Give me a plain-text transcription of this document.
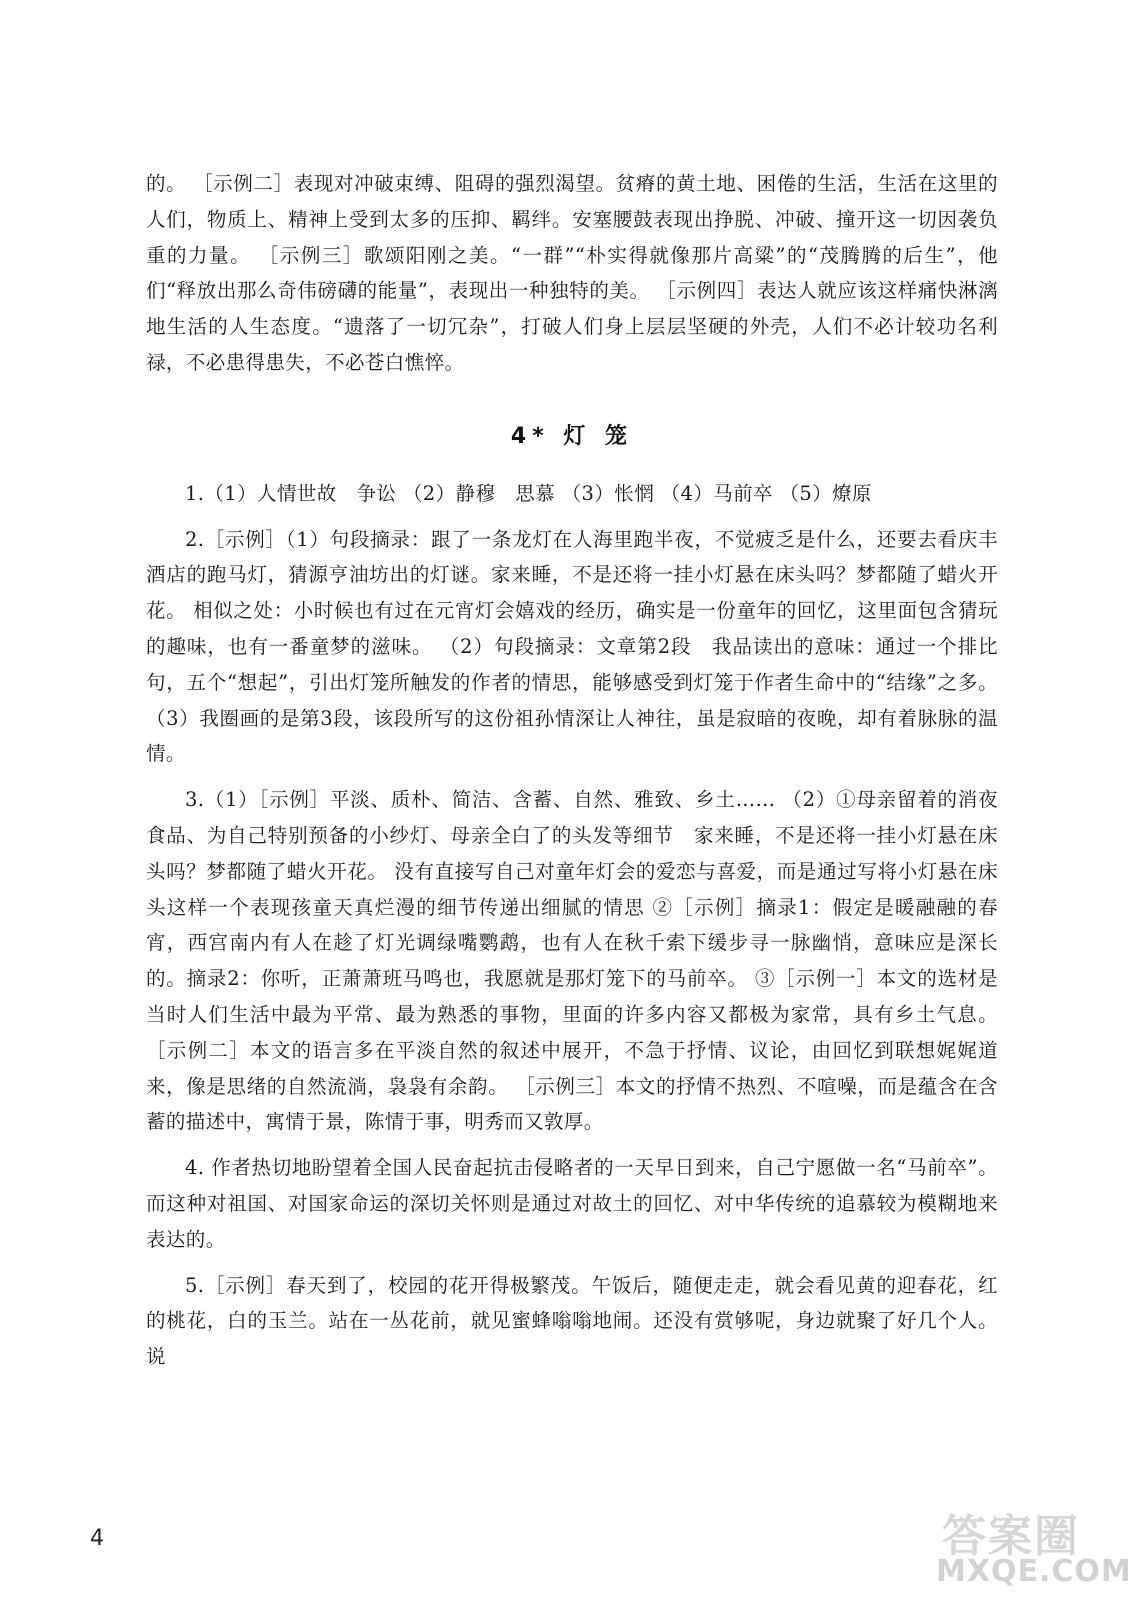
的。 ［示例二］表现对冲破束缚、阻碍的强烈渴望。贫瘠的黄土地、困倦的生活，生活在这里的人们，物质上、精神上受到太多的压抑、羁绊。安塞腰鼓表现出挣脱、冲破、撞开这一切因袭负重的力量。 ［示例三］歌颂阳刚之美。“一群”“朴实得就像那片高粱”的“茂腾腾的后生”，他们“释放出那么奇伟磅礴的能量”，表现出一种独特的美。 ［示例四］表达人就应该这样痛快淋漓地生活的人生态度。“遗落了一切冗杂”，打破人们身上层层坚硬的外壳，人们不必计较功名利禄，不必患得患失，不必苍白憔悴。

4* 灯 笼

1.（1）人情世故　争讼 （2）静穆　思慕 （3）怅惘 （4）马前卒 （5）燎原

2.［示例］（1）句段摘录：跟了一条龙灯在人海里跑半夜，不觉疲乏是什么，还要去看庆丰酒店的跑马灯，猜源亨油坊出的灯谜。家来睡，不是还将一挂小灯悬在床头吗？梦都随了蜡火开花。 相似之处：小时候也有过在元宵灯会嬉戏的经历，确实是一份童年的回忆，这里面包含猜玩的趣味，也有一番童梦的滋味。 （2）句段摘录：文章第2段　我品读出的意味：通过一个排比句，五个“想起”，引出灯笼所触发的作者的情思，能够感受到灯笼于作者生命中的“结缘”之多。 （3）我圈画的是第3段，该段所写的这份祖孙情深让人神往，虽是寂暗的夜晚，却有着脉脉的温情。

3.（1）［示例］平淡、质朴、简洁、含蓄、自然、雅致、乡土…… （2）①母亲留着的消夜食品、为自己特别预备的小纱灯、母亲全白了的头发等细节　家来睡，不是还将一挂小灯悬在床头吗？梦都随了蜡火开花。 没有直接写自己对童年灯会的爱恋与喜爱，而是通过写将小灯悬在床头这样一个表现孩童天真烂漫的细节传递出细腻的情思 ②［示例］摘录1：假定是暖融融的春宵，西宫南内有人在趁了灯光调绿嘴鹦鹉，也有人在秋千索下缓步寻一脉幽悄，意味应是深长的。摘录2：你听，正萧萧班马鸣也，我愿就是那灯笼下的马前卒。 ③［示例一］本文的选材是当时人们生活中最为平常、最为熟悉的事物，里面的许多内容又都极为家常，具有乡土气息。 ［示例二］本文的语言多在平淡自然的叙述中展开，不急于抒情、议论，由回忆到联想娓娓道来，像是思绪的自然流淌，袅袅有余韵。 ［示例三］本文的抒情不热烈、不喧噪，而是蕴含在含蓄的描述中，寓情于景，陈情于事，明秀而又敦厚。

4. 作者热切地盼望着全国人民奋起抗击侵略者的一天早日到来，自己宁愿做一名“马前卒”。而这种对祖国、对国家命运的深切关怀则是通过对故土的回忆、对中华传统的追慕较为模糊地来表达的。

5.［示例］春天到了，校园的花开得极繁茂。午饭后，随便走走，就会看见黄的迎春花，红的桃花，白的玉兰。站在一丛花前，就见蜜蜂嗡嗡地闹。还没有赏够呢，身边就聚了好几个人。说

4	答案圈
MXQE.COM
